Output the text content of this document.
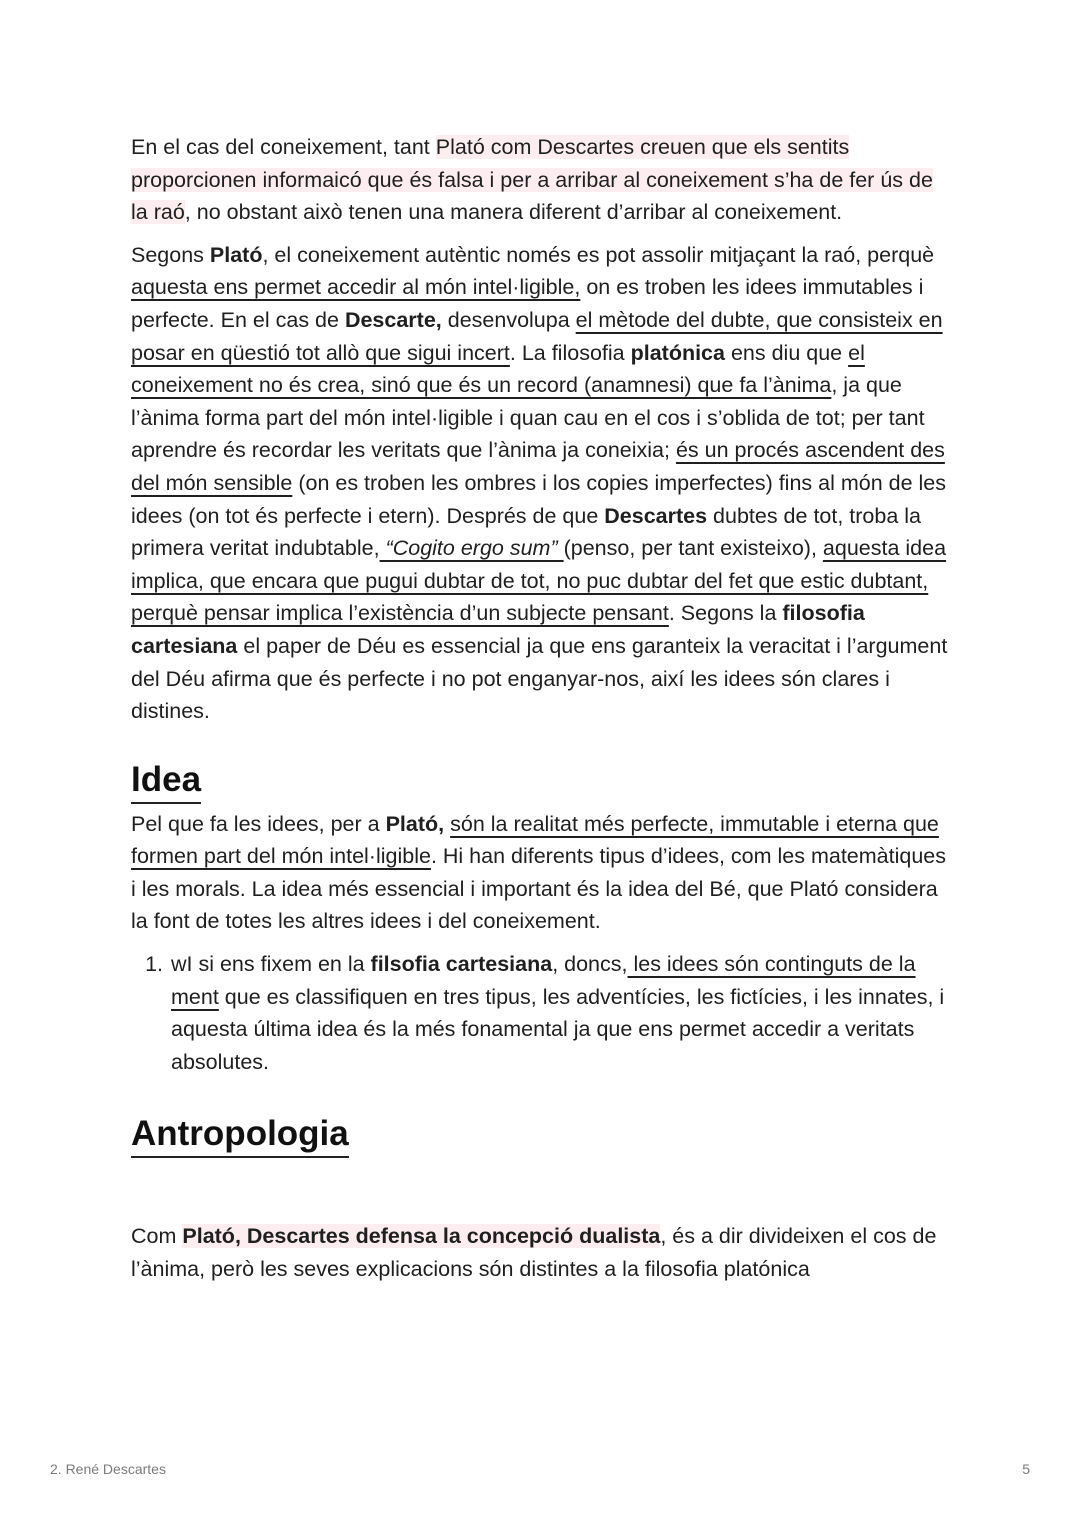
En el cas del coneixement, tant Plató com Descartes creuen que els sentits proporcionen informaicó que és falsa i per a arribar al coneixement s’ha de fer ús de la raó, no obstant això tenen una manera diferent d’arribar al coneixement.

Segons Plató, el coneixement autèntic només es pot assolir mitjaçant la raó, perquè aquesta ens permet accedir al món intel·ligible, on es troben les idees immutables i perfecte. En el cas de Descarte, desenvolupa el mètode del dubte, que consisteix en posar en qüestió tot allò que sigui incert. La filosofia platónica ens diu que el coneixement no és crea, sinó que és un record (anamnesi) que fa l’ànima, ja que l’ànima forma part del món intel·ligible i quan cau en el cos i s’oblida de tot; per tant aprendre és recordar les veritats que l’ànima ja coneixia; és un procés ascendent des del món sensible (on es troben les ombres i los copies imperfectes) fins al món de les idees (on tot és perfecte i etern). Després de que Descartes dubtes de tot, troba la primera veritat indubtable, “Cogito ergo sum” (penso, per tant existeixo), aquesta idea implica, que encara que pugui dubtar de tot, no puc dubtar del fet que estic dubtant, perquè pensar implica l’existència d’un subjecte pensant. Segons la filosofia cartesiana el paper de Déu es essencial ja que ens garanteix la veracitat i l’argument del Déu afirma que és perfecte i no pot enganyar-nos, així les idees són clares i distines.

Idea

Pel que fa les idees, per a Plató, són la realitat més perfecte, immutable i eterna que formen part del món intel·ligible. Hi han diferents tipus d’idees, com les matemàtiques i les morals. La idea més essencial i important és la idea del Bé, que Plató considera la font de totes les altres idees i del coneixement.

1. wI si ens fixem en la filsofia cartesiana, doncs, les idees són continguts de la ment que es classifiquen en tres tipus, les adventícies, les fictícies, i les innates, i aquesta última idea és la més fonamental ja que ens permet accedir a veritats absolutes.
Antropologia

Com Plató, Descartes defensa la concepció dualista, és a dir divideixen el cos de l’ànima, però les seves explicacions són distintes a la filosofia platónica

2. René Descartes	5
